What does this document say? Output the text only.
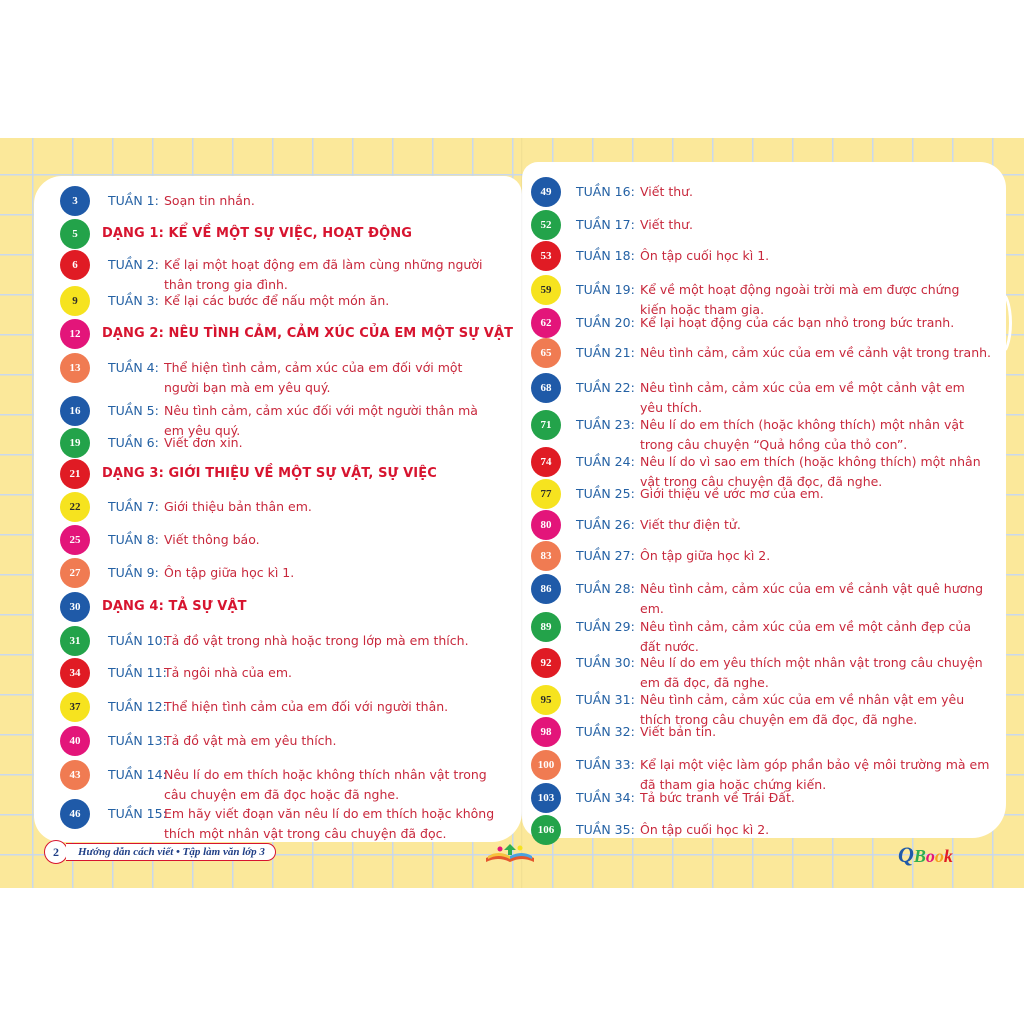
3	TUẦN 1: Soạn tin nhắn.
5	DẠNG 1: KỂ VỀ MỘT SỰ VIỆC, HOẠT ĐỘNG
6	TUẦN 2: Kể lại một hoạt động em đã làm cùng những người
thân trong gia đình.
9	TUẦN 3: Kể lại các bước để nấu một món ăn.
12	DẠNG 2: NÊU TÌNH CẢM, CẢM XÚC CỦA EM MỘT SỰ VẬT
13	TUẦN 4: Thể hiện tình cảm, cảm xúc của em đối với một
người bạn mà em yêu quý.
16	TUẦN 5: Nêu tình cảm, cảm xúc đối với một người thân mà
em yêu quý.
19	TUẦN 6: Viết đơn xin.
21	DẠNG 3: GIỚI THIỆU VỀ MỘT SỰ VẬT, SỰ VIỆC
22	TUẦN 7: Giới thiệu bản thân em.
25	TUẦN 8: Viết thông báo.
27	TUẦN 9: Ôn tập giữa học kì 1.
30	DẠNG 4: TẢ SỰ VẬT
31	TUẦN 10:
Tả đồ vật trong nhà hoặc trong lớp mà em thích.
34	TUẦN 11:
Tả ngôi nhà của em.
37	TUẦN 12:
Thể hiện tình cảm của em đối với người thân.
40	TUẦN 13:
Tả đồ vật mà em yêu thích.
43	TUẦN 14:
Nêu lí do em thích hoặc không thích nhân vật trong
câu chuyện em đã đọc hoặc đã nghe.
46	TUẦN 15:
Em hãy viết đoạn văn nêu lí do em thích hoặc không
thích một nhân vật trong câu chuyện đã đọc.
49	TUẦN 16: Viết thư.
52	TUẦN 17: Viết thư.
53	TUẦN 18: Ôn tập cuối học kì 1.
59	TUẦN 19: Kể về một hoạt động ngoài trời mà em được chứng
kiến hoặc tham gia.
62	TUẦN 20: Kể lại hoạt động của các bạn nhỏ trong bức tranh.
65	TUẦN 21: Nêu tình cảm, cảm xúc của em về cảnh vật trong tranh.
68	TUẦN 22: Nêu tình cảm, cảm xúc của em về một cảnh vật em
yêu thích.
71	TUẦN 23: Nêu lí do em thích (hoặc không thích) một nhân vật
trong câu chuyện “Quả hồng của thỏ con”.
74	TUẦN 24: Nêu lí do vì sao em thích (hoặc không thích) một nhân
vật trong câu chuyện đã đọc, đã nghe.
77	TUẦN 25: Giới thiệu về ước mơ của em.
80	TUẦN 26: Viết thư điện tử.
83	TUẦN 27: Ôn tập giữa học kì 2.
86	TUẦN 28: Nêu tình cảm, cảm xúc của em về cảnh vật quê hương
em.
89	TUẦN 29: Nêu tình cảm, cảm xúc của em về một cảnh đẹp của
đất nước.
92	TUẦN 30: Nêu lí do em yêu thích một nhân vật trong câu chuyện
em đã đọc, đã nghe.
95	TUẦN 31: Nêu tình cảm, cảm xúc của em về nhân vật em yêu
thích trong câu chuyện em đã đọc, đã nghe.
98	TUẦN 32: Viết bản tin.
100	TUẦN 33: Kể lại một việc làm góp phần bảo vệ môi trường mà em
đã tham gia hoặc chứng kiến.
103	TUẦN 34: Tả bức tranh về Trái Đất.
106	TUẦN 35: Ôn tập cuối học kì 2.
2	Hướng dẫn cách viết • Tập làm văn lớp 3	QBook
